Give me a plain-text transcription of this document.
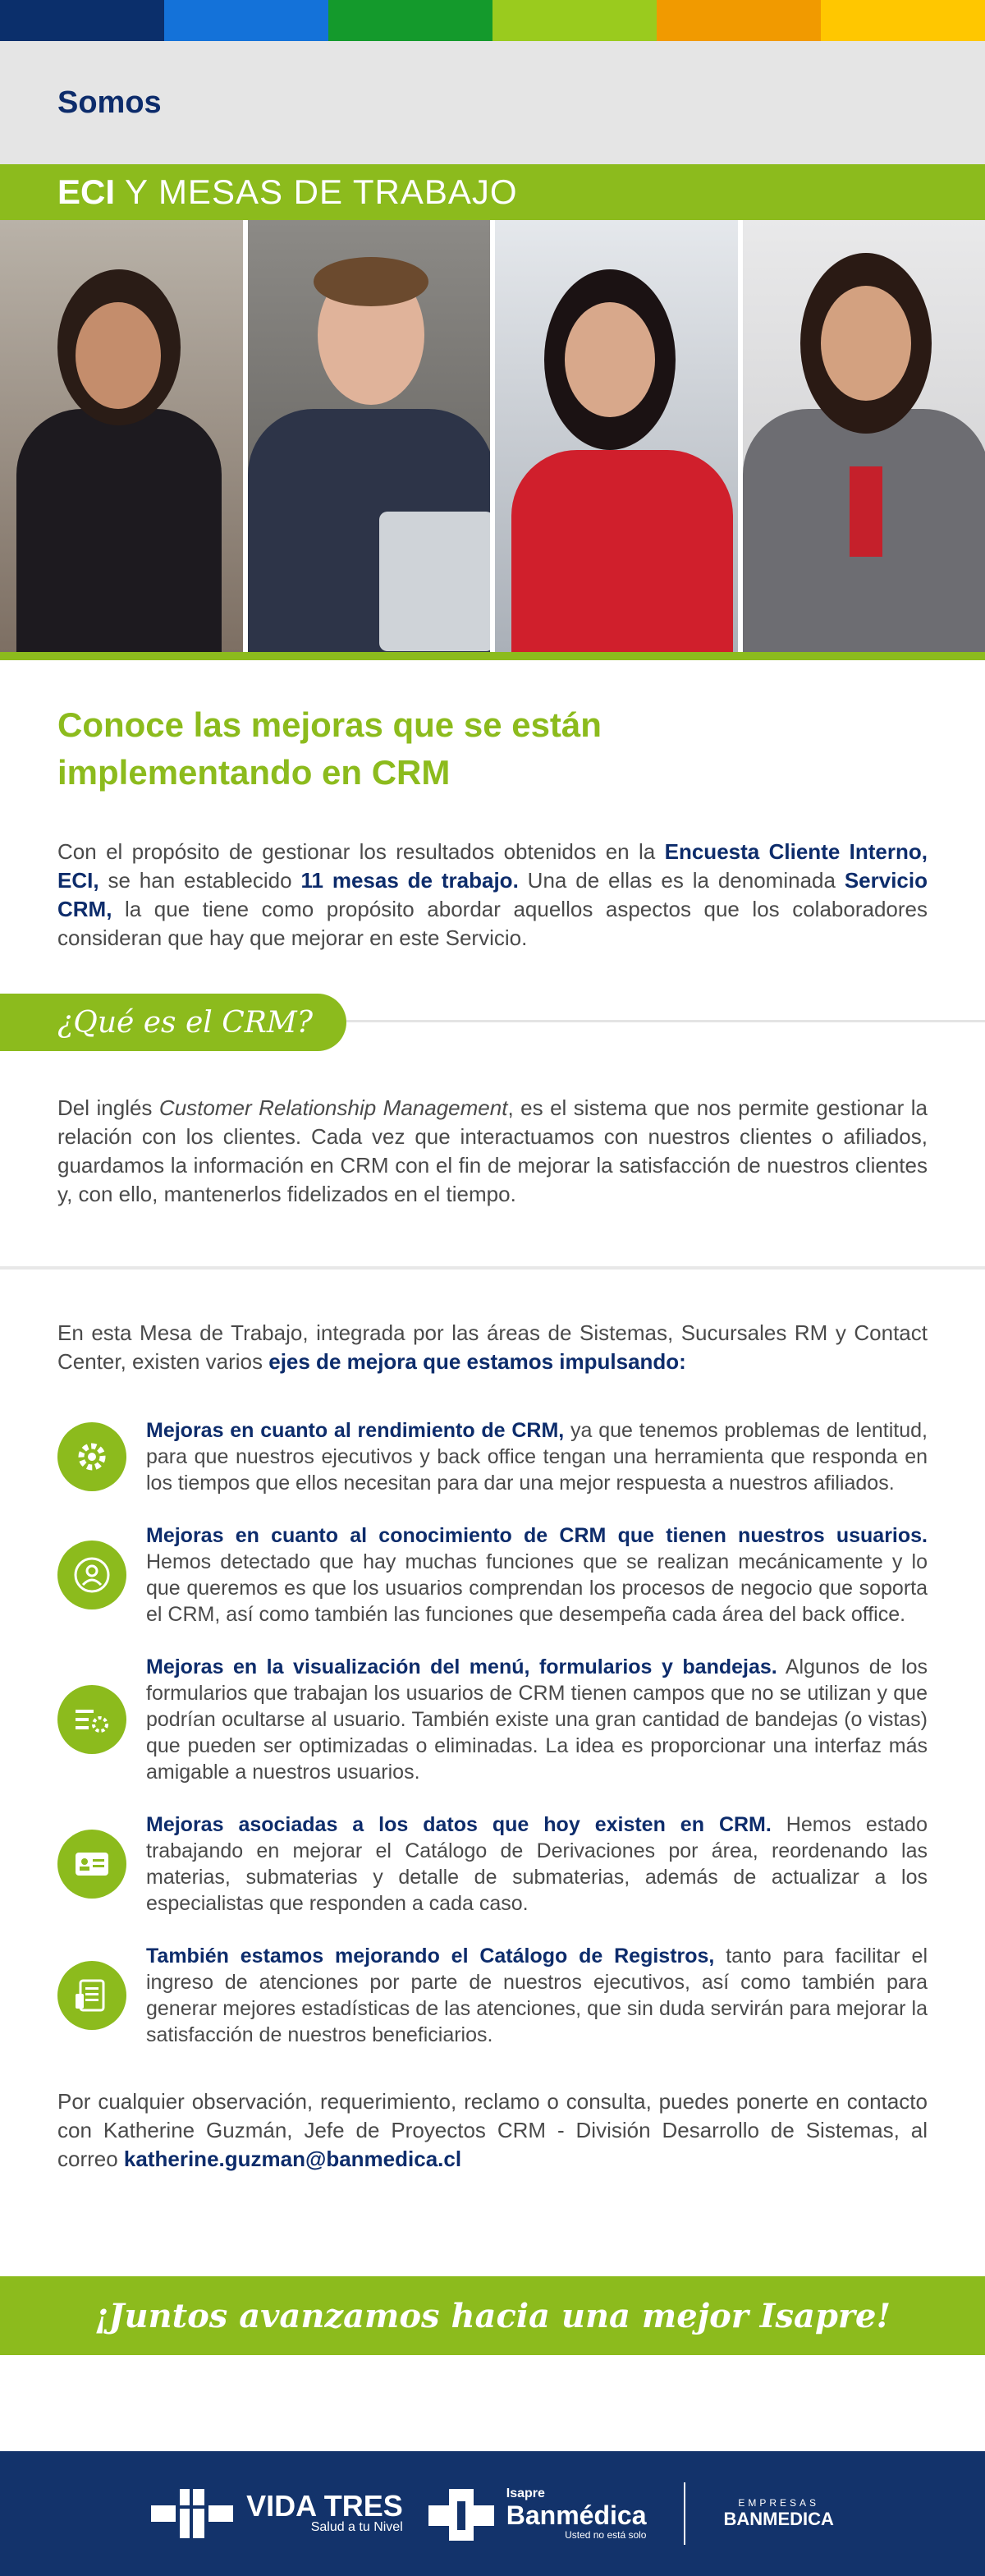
Somos
ECI Y MESAS DE TRABAJO
Conoce las mejoras que se están implementando en CRM

Con el propósito de gestionar los resultados obtenidos en la Encuesta Cliente Interno, ECI, se han establecido 11 mesas de trabajo. Una de ellas es la denominada Servicio CRM, la que tiene como propósito abordar aquellos aspectos que los colaboradores consideran que hay que mejorar en este Servicio.

¿Qué es el CRM?

Del inglés Customer Relationship Management, es el sistema que nos permite gestionar la relación con los clientes. Cada vez que interactuamos con nuestros clientes o afiliados, guardamos la información en CRM con el fin de mejorar la satisfacción de nuestros clientes y, con ello, mantenerlos fidelizados en el tiempo.

En esta Mesa de Trabajo, integrada por las áreas de Sistemas, Sucursales RM y Contact Center, existen varios ejes de mejora que estamos impulsando:

Mejoras en cuanto al rendimiento de CRM, ya que tenemos problemas de lentitud, para que nuestros ejecutivos y back office tengan una herramienta que responda en los tiempos que ellos necesitan para dar una mejor respuesta a nuestros afiliados.

Mejoras en cuanto al conocimiento de CRM que tienen nuestros usuarios. Hemos detectado que hay muchas funciones que se realizan mecánicamente y lo que queremos es que los usuarios comprendan los procesos de negocio que soporta el CRM, así como también las funciones que desempeña cada área del back office.

Mejoras en la visualización del menú, formularios y bandejas. Algunos de los formularios que trabajan los usuarios de CRM tienen campos que no se utilizan y que podrían ocultarse al usuario. También existe una gran cantidad de bandejas (o vistas) que pueden ser optimizadas o eliminadas. La idea es proporcionar una interfaz más amigable a nuestros usuarios.

Mejoras asociadas a los datos que hoy existen en CRM. Hemos estado trabajando en mejorar el Catálogo de Derivaciones por área, reordenando las materias, submaterias y detalle de submaterias, además de actualizar a los especialistas que responden a cada caso.

También estamos mejorando el Catálogo de Registros, tanto para facilitar el ingreso de atenciones por parte de nuestros ejecutivos, así como también para generar mejores estadísticas de las atenciones, que sin duda servirán para mejorar la satisfacción de nuestros beneficiarios.

Por cualquier observación, requerimiento, reclamo o consulta, puedes ponerte en contacto con Katherine Guzmán, Jefe de Proyectos CRM - División Desarrollo de Sistemas, al correo katherine.guzman@banmedica.cl

¡Juntos avanzamos hacia una mejor Isapre!
VIDA TRES
Salud a tu Nivel
Isapre
Banmédica
Usted no está solo
EMPRESAS
BANMEDICA
